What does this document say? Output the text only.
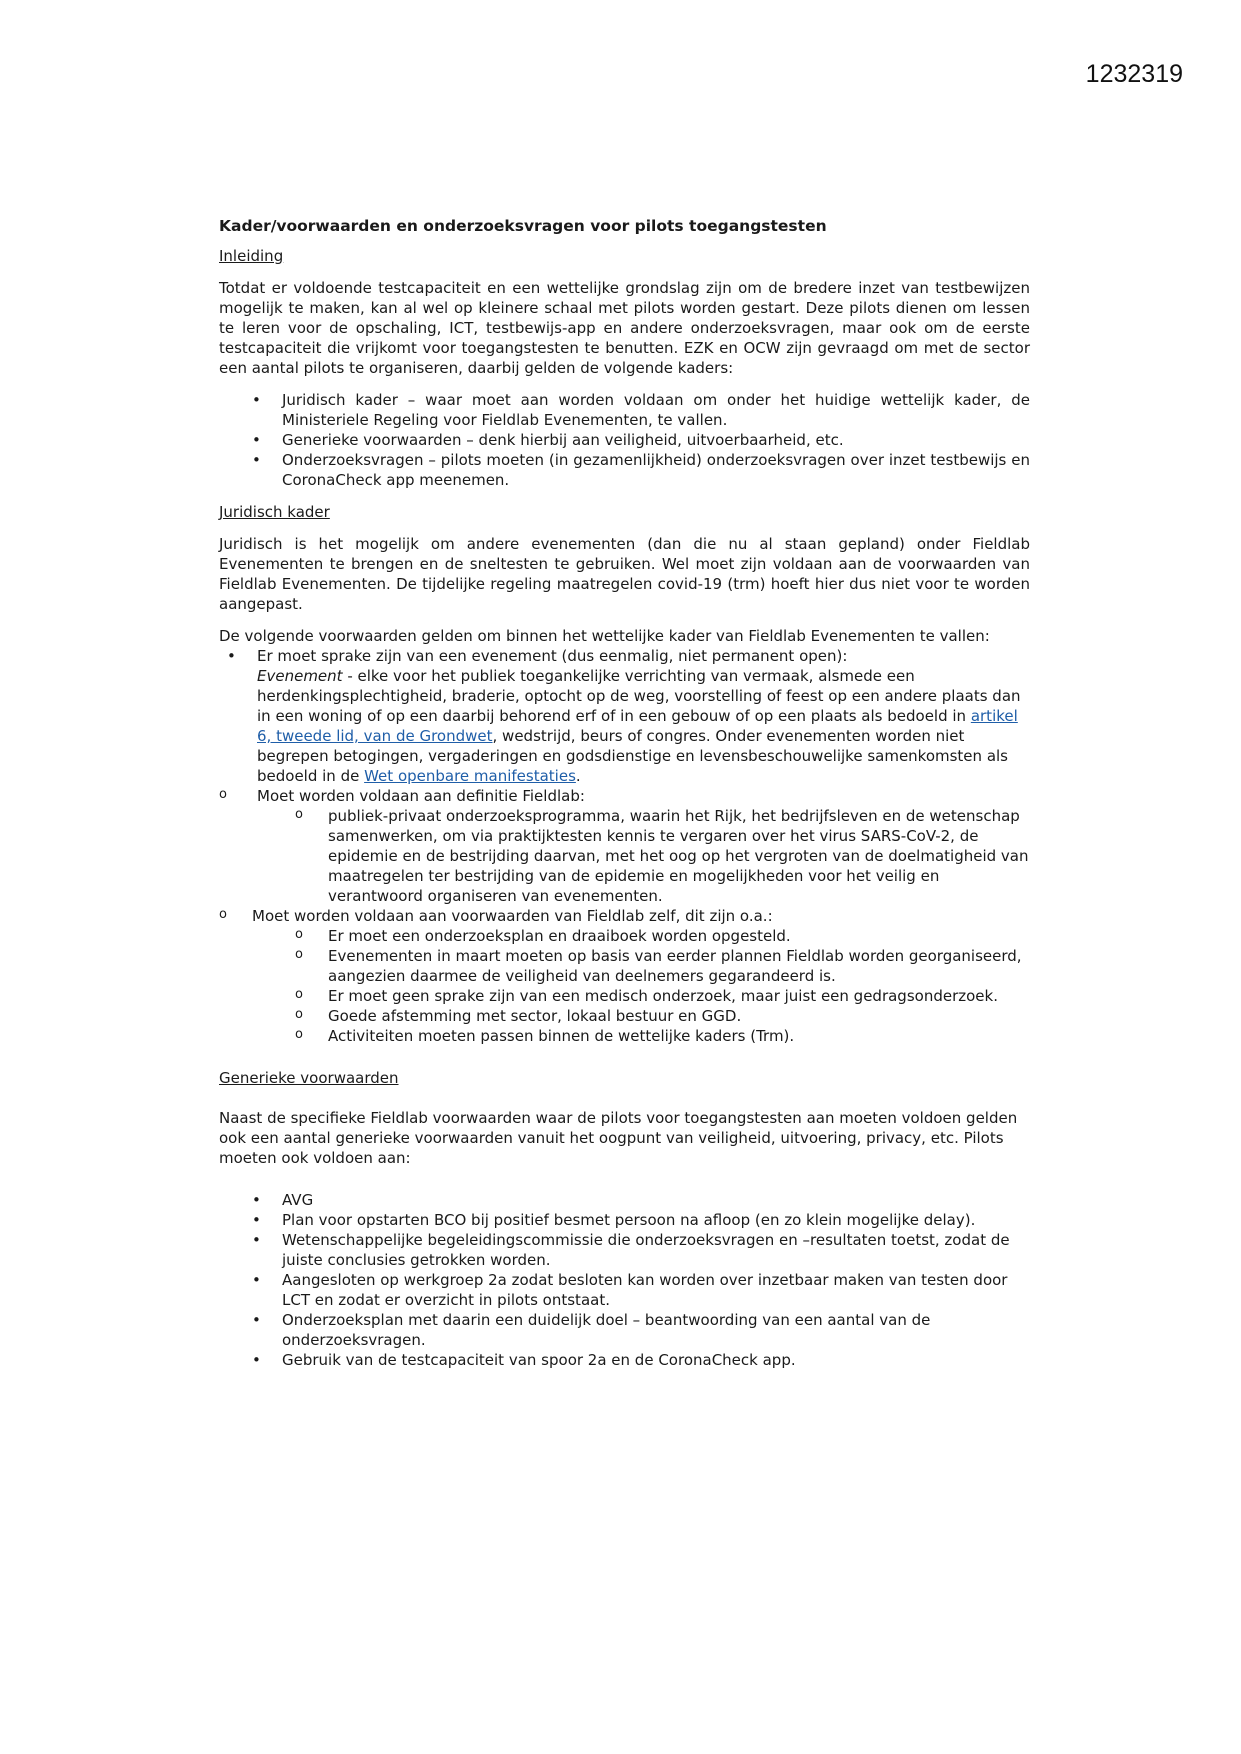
1232319
Kader/voorwaarden en onderzoeksvragen voor pilots toegangstesten
Inleiding

Totdat er voldoende testcapaciteit en een wettelijke grondslag zijn om de bredere inzet van testbewijzen mogelijk te maken, kan al wel op kleinere schaal met pilots worden gestart. Deze pilots dienen om lessen te leren voor de opschaling, ICT, testbewijs-app en andere onderzoeksvragen, maar ook om de eerste testcapaciteit die vrijkomt voor toegangstesten te benutten. EZK en OCW zijn gevraagd om met de sector een aantal pilots te organiseren, daarbij gelden de volgende kaders:

• Juridisch kader – waar moet aan worden voldaan om onder het huidige wettelijk kader, de Ministeriele Regeling voor Fieldlab Evenementen, te vallen.
• Generieke voorwaarden – denk hierbij aan veiligheid, uitvoerbaarheid, etc.
• Onderzoeksvragen – pilots moeten (in gezamenlijkheid) onderzoeksvragen over inzet testbewijs en CoronaCheck app meenemen.
Juridisch kader

Juridisch is het mogelijk om andere evenementen (dan die nu al staan gepland) onder Fieldlab Evenementen te brengen en de sneltesten te gebruiken. Wel moet zijn voldaan aan de voorwaarden van Fieldlab Evenementen. De tijdelijke regeling maatregelen covid-19 (trm) hoeft hier dus niet voor te worden aangepast.

De volgende voorwaarden gelden om binnen het wettelijke kader van Fieldlab Evenementen te vallen:

• Er moet sprake zijn van een evenement (dus eenmalig, niet permanent open):
Evenement - elke voor het publiek toegankelijke verrichting van vermaak, alsmede een herdenkingsplechtigheid, braderie, optocht op de weg, voorstelling of feest op een andere plaats dan in een woning of op een daarbij behorend erf of in een gebouw of op een plaats als bedoeld in artikel 6, tweede lid, van de Grondwet, wedstrijd, beurs of congres. Onder evenementen worden niet begrepen betogingen, vergaderingen en godsdienstige en levensbeschouwelijke samenkomsten als bedoeld in de Wet openbare manifestaties.
o Moet worden voldaan aan definitie Fieldlab:
o publiek-privaat onderzoeksprogramma, waarin het Rijk, het bedrijfsleven en de wetenschap samenwerken, om via praktijktesten kennis te vergaren over het virus SARS-CoV-2, de epidemie en de bestrijding daarvan, met het oog op het vergroten van de doelmatigheid van maatregelen ter bestrijding van de epidemie en mogelijkheden voor het veilig en verantwoord organiseren van evenementen.
o Moet worden voldaan aan voorwaarden van Fieldlab zelf, dit zijn o.a.:
o Er moet een onderzoeksplan en draaiboek worden opgesteld.
o Evenementen in maart moeten op basis van eerder plannen Fieldlab worden georganiseerd, aangezien daarmee de veiligheid van deelnemers gegarandeerd is.
o Er moet geen sprake zijn van een medisch onderzoek, maar juist een gedragsonderzoek.
o Goede afstemming met sector, lokaal bestuur en GGD.
o Activiteiten moeten passen binnen de wettelijke kaders (Trm).
Generieke voorwaarden

Naast de specifieke Fieldlab voorwaarden waar de pilots voor toegangstesten aan moeten voldoen gelden ook een aantal generieke voorwaarden vanuit het oogpunt van veiligheid, uitvoering, privacy, etc. Pilots moeten ook voldoen aan:

• AVG
• Plan voor opstarten BCO bij positief besmet persoon na afloop (en zo klein mogelijke delay).
• Wetenschappelijke begeleidingscommissie die onderzoeksvragen en –resultaten toetst, zodat de juiste conclusies getrokken worden.
• Aangesloten op werkgroep 2a zodat besloten kan worden over inzetbaar maken van testen door LCT en zodat er overzicht in pilots ontstaat.
• Onderzoeksplan met daarin een duidelijk doel – beantwoording van een aantal van de onderzoeksvragen.
• Gebruik van de testcapaciteit van spoor 2a en de CoronaCheck app.
